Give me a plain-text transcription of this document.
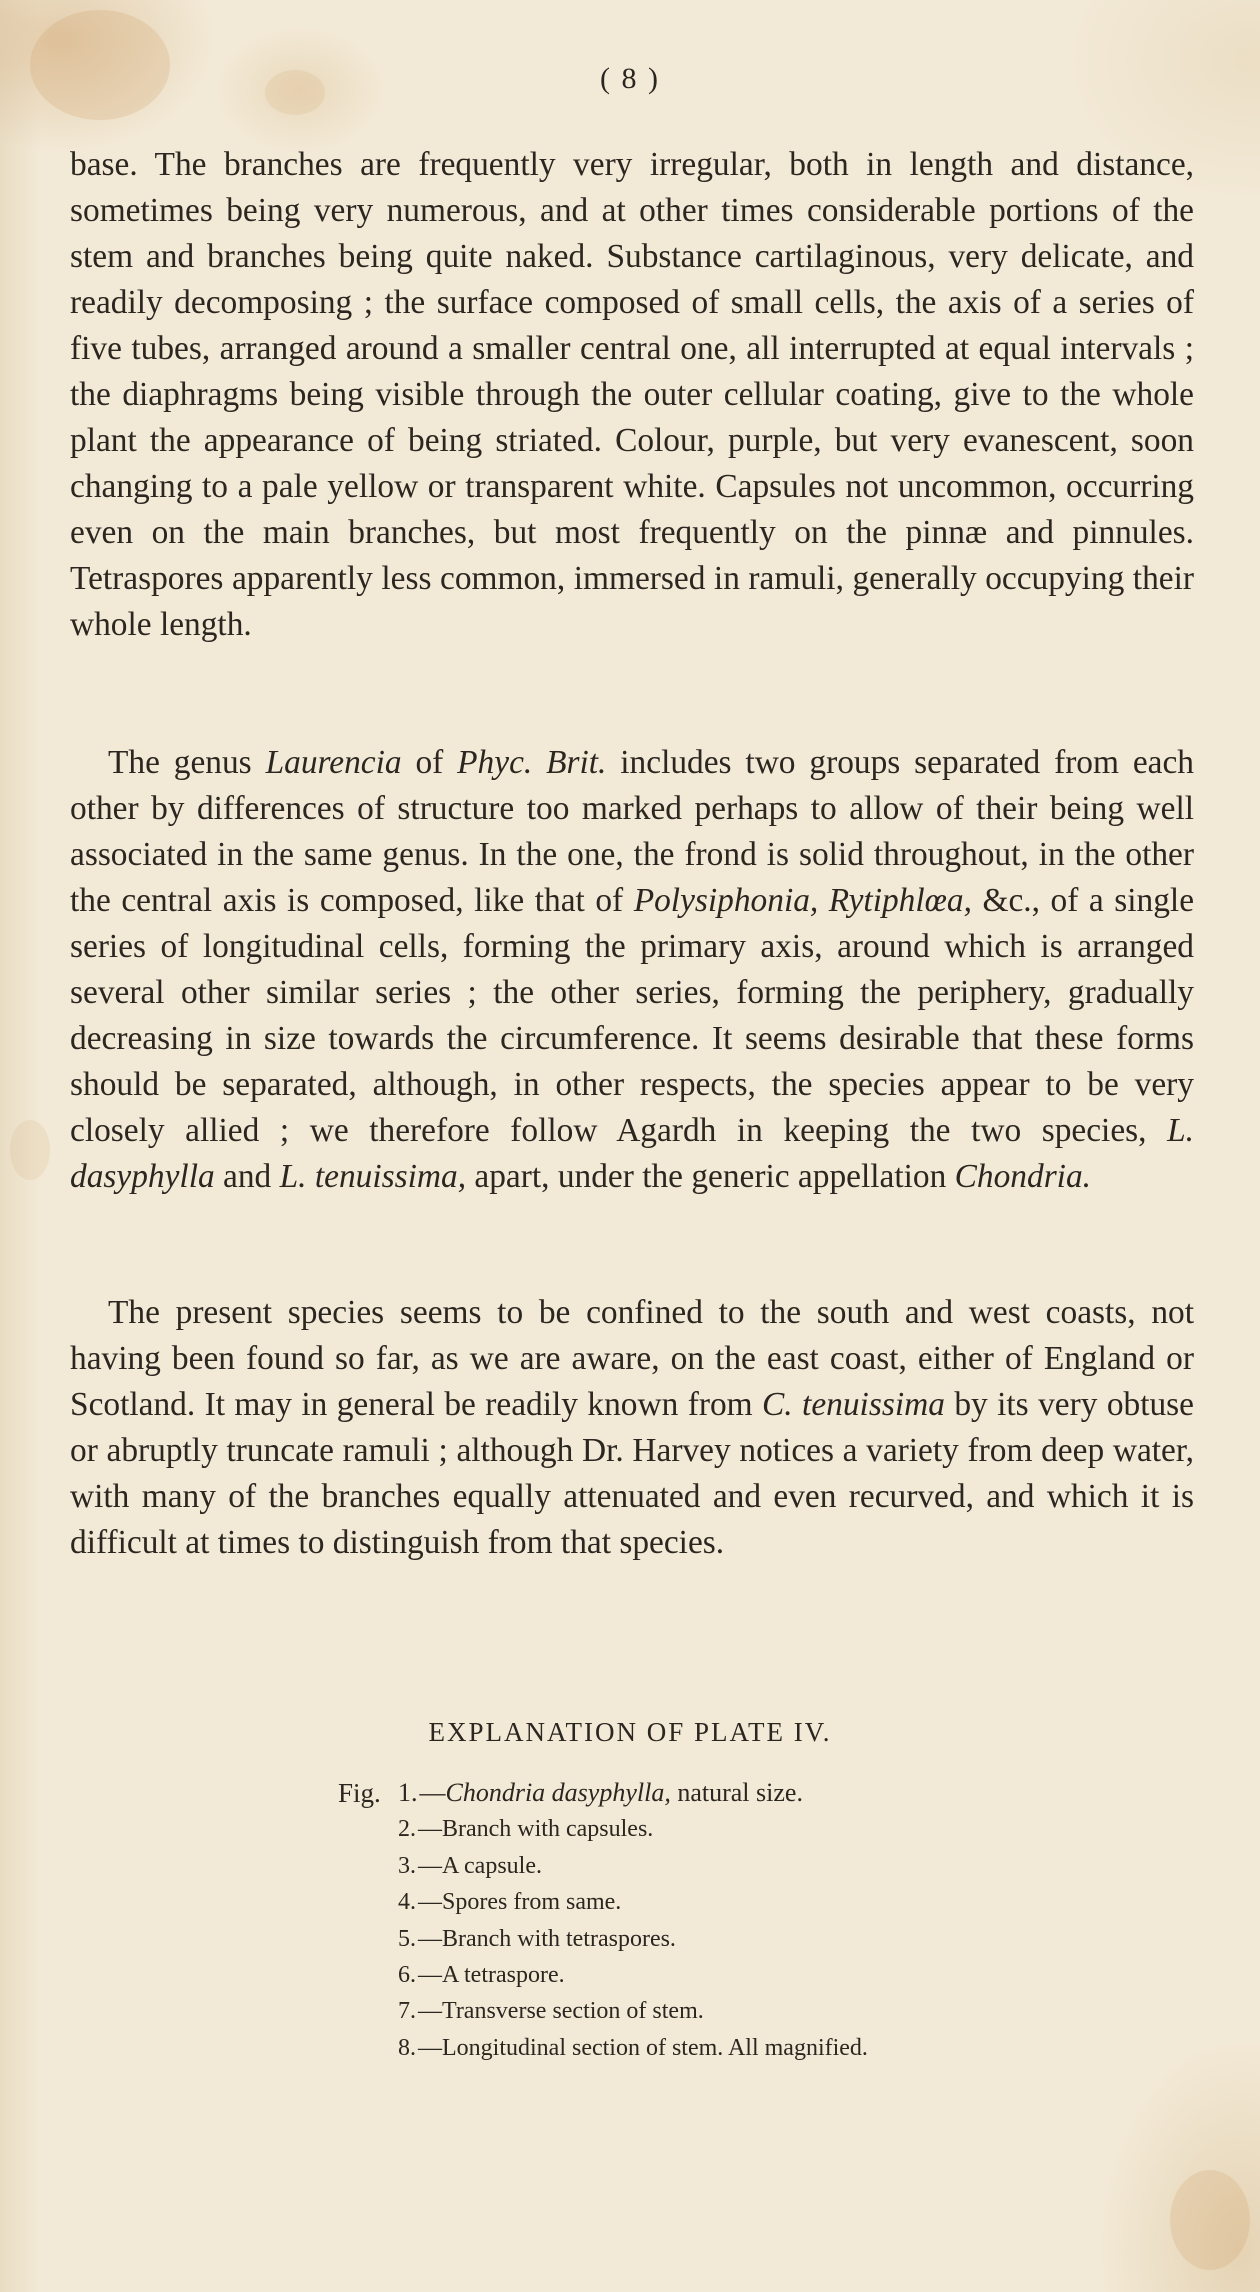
( 8 )

base. The branches are frequently very irregular, both in length and distance, sometimes being very numerous, and at other times considerable portions of the stem and branches being quite naked. Substance cartilaginous, very delicate, and readily decomposing ; the surface composed of small cells, the axis of a series of five tubes, arranged around a smaller central one, all interrupted at equal intervals ; the diaphragms being visible through the outer cellular coating, give to the whole plant the appearance of being striated. Colour, purple, but very evanescent, soon changing to a pale yellow or transparent white. Capsules not uncommon, occurring even on the main branches, but most frequently on the pinnæ and pinnules. Tetraspores apparently less common, immersed in ramuli, generally occupying their whole length.

The genus Laurencia of Phyc. Brit. includes two groups separated from each other by differences of structure too marked perhaps to allow of their being well associated in the same genus. In the one, the frond is solid throughout, in the other the central axis is composed, like that of Polysiphonia, Rytiphlœa, &c., of a single series of longitudinal cells, forming the primary axis, around which is arranged several other similar series ; the other series, forming the periphery, gradually decreasing in size towards the circumference. It seems desirable that these forms should be separated, although, in other respects, the species appear to be very closely allied ; we therefore follow Agardh in keeping the two species, L. dasyphylla and L. tenuissima, apart, under the generic appellation Chondria.

The present species seems to be confined to the south and west coasts, not having been found so far, as we are aware, on the east coast, either of England or Scotland. It may in general be readily known from C. tenuissima by its very obtuse or abruptly truncate ramuli ; although Dr. Harvey notices a variety from deep water, with many of the branches equally attenuated and even recurved, and which it is difficult at times to distinguish from that species.

EXPLANATION OF PLATE IV.
Fig. 1.—Chondria dasyphylla, natural size.
2.—Branch with capsules.
3.—A capsule.
4.—Spores from same.
5.—Branch with tetraspores.
6.—A tetraspore.
7.—Transverse section of stem.
8.—Longitudinal section of stem. All magnified.
